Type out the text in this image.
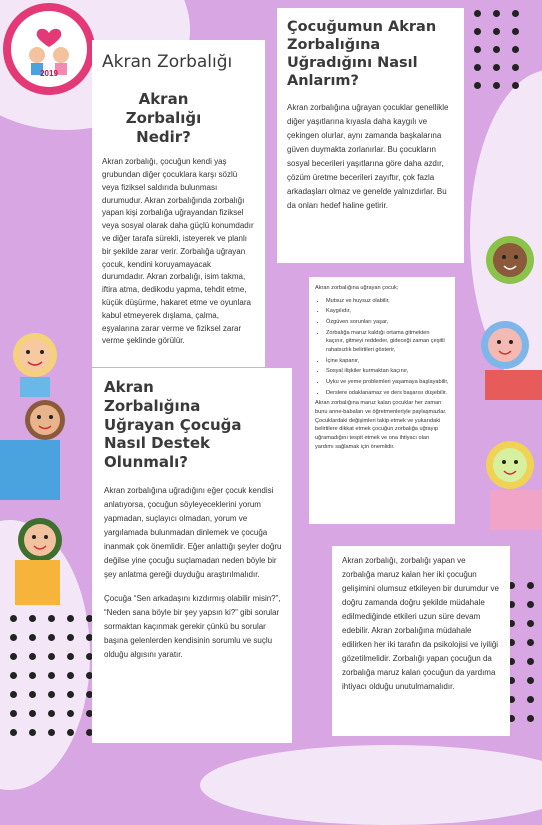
2019
Akran Zorbalığı
Akran Zorbalığı Nedir?

Akran zorbalığı, çocuğun kendi yaş grubundan diğer çocuklara karşı sözlü veya fiziksel saldırıda bulunması durumudur. Akran zorbalığında zorbalığı yapan kişi zorbalığa uğrayandan fiziksel veya sosyal olarak daha güçlü konumdadır ve diğer tarafa sürekli, isteyerek ve planlı bir şekilde zarar verir. Zorbalığa uğrayan çocuk, kendini koruyamayacak durumdadır. Akran zorbalığı, isim takma, iftira atma, dedikodu yapma, tehdit etme, küçük düşürme, hakaret etme ve oyunlara kabul etmeyerek dışlama, çalma, eşyalarına zarar verme ve fiziksel zarar verme şeklinde görülür.

Çocuğumun Akran Zorbalığına Uğradığını Nasıl Anlarım?

Akran zorbalığına uğrayan çocuklar genellikle diğer yaşıtlarına kıyasla daha kaygılı ve çekingen olurlar, aynı zamanda başkalarına güven duymakta zorlanırlar. Bu çocukların sosyal becerileri yaşıtlarına göre daha azdır, çözüm üretme becerileri zayıftır, çok fazla arkadaşları olmaz ve genelde yalnızdırlar. Bu da onları hedef haline getirir.

Akran zorbalığına uğrayan çocuk;

• Mutsuz ve huysuz olabilir,
• Kaygılıdır,
• Özgüven sorunları yaşar,
• Zorbalığa maruz kaldığı ortama gitmekten kaçınır, gitmeyi reddeder, gideceği zaman çeşitli rahatsızlık belirtileri gösterir,
• İçine kapanır,
• Sosyal ilişkiler kurmaktan kaçınır,
• Uyku ve yeme problemleri yaşamaya başlayabilir,
• Derslere odaklanamaz ve ders başarısı düşebilir.

Akran zorbalığına maruz kalan çocuklar her zaman bunu anne-babaları ve öğretmenleriyle paylaşmazlar. Çocuklardaki değişimleri takip etmek ve yukarıdaki belirtilere dikkat etmek çocuğun zorbalığa uğrayıp uğramadığını tespit etmek ve ona ihtiyacı olan yardımı sağlamak için önemlidir.

Akran Zorbalığına Uğrayan Çocuğa Nasıl Destek Olunmalı?

Akran zorbalığına uğradığını eğer çocuk kendisi anlatıyorsa, çocuğun söyleyeceklerini yorum yapmadan, suçlayıcı olmadan, yorum ve yargılamada bulunmadan dinlemek ve çocuğa inanmak çok önemlidir. Eğer anlattığı şeyler doğru değilse yine çocuğu suçlamadan neden böyle bir şey anlatma gereği duyduğu araştırılmalıdır.

Çocuğa “Sen arkadaşını kızdırmış olabilir misin?”, “Neden sana böyle bir şey yapsın ki?” gibi sorular sormaktan kaçınmak gerekir çünkü bu sorular başına gelenlerden kendisinin sorumlu ve suçlu olduğu algısını yaratır.

Akran zorbalığı, zorbalığı yapan ve zorbalığa maruz kalan her iki çocuğun gelişimini olumsuz etkileyen bir durumdur ve doğru zamanda doğru şekilde müdahale edilmediğinde etkileri uzun süre devam edebilir. Akran zorbalığına müdahale edilirken her iki tarafın da psikolojisi ve iyiliği gözetilmelidir. Zorbalığı yapan çocuğun da zorbalığa maruz kalan çocuğun da yardıma ihtiyacı olduğu unutulmamalıdır.
